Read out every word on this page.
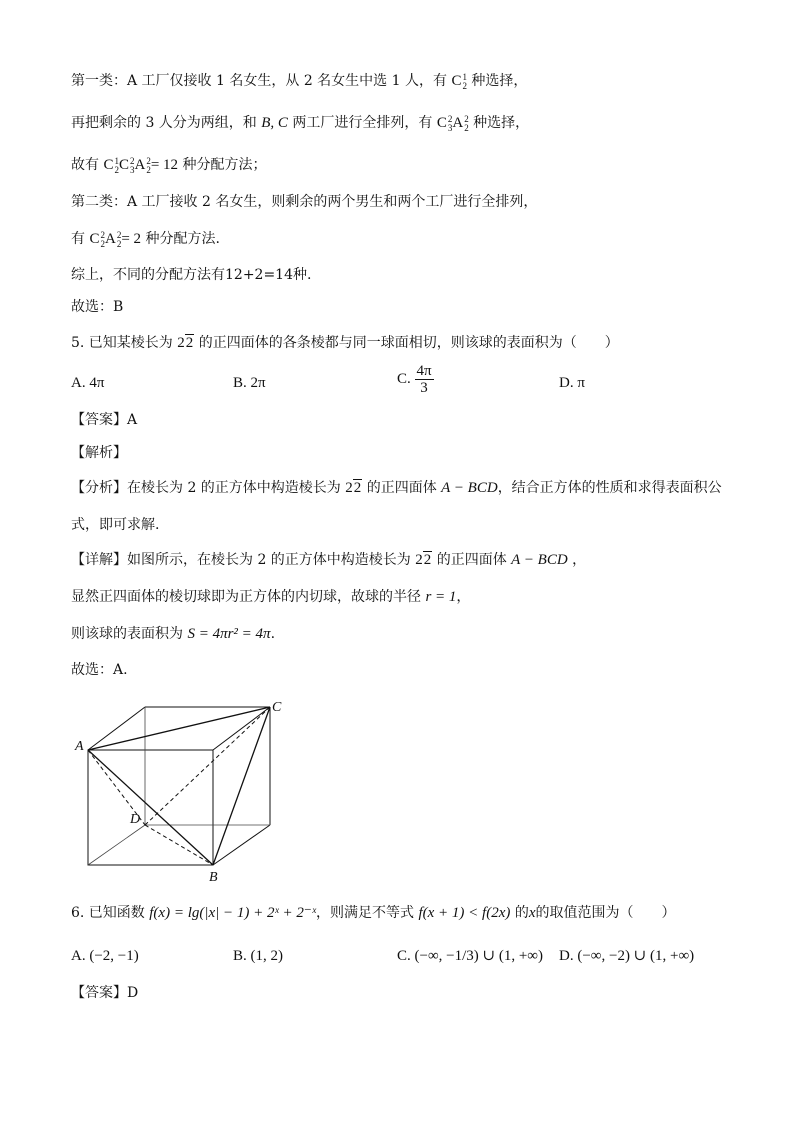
第一类：A 工厂仅接收 1 名女生，从 2 名女生中选 1 人，有 C 1
2 种选择，
再把剩余的 3 人分为两组，和 B, C 两工厂进行全排列，有 C 2
3 A 2
2 种选择，
故有 C 1
2 C 2
3 A 2
2 = 12 种分配方法；
第二类：A 工厂接收 2 名女生，则剩余的两个男生和两个工厂进行全排列，
有 C 2
2 A 2
2 = 2 种分配方法.
综上，不同的分配方法有12+2=14种.
故选：B
5. 已知某棱长为 22 的正四面体的各条棱都与同一球面相切，则该球的表面积为（　　）
A. 4π	B. 2π	C. $\frac{4\pi}{3}$	D. π
【答案】A
【解析】
【分析】在棱长为 2 的正方体中构造棱长为 22 的正四面体 A − BCD，结合正方体的性质和求得表面积公
式，即可求解.
【详解】如图所示，在棱长为 2 的正方体中构造棱长为 22 的正四面体 A − BCD ，
显然正四面体的棱切球即为正方体的内切球，故球的半径 r = 1，
则该球的表面积为 S = 4πr² = 4π.
故选：A.
A
C
D
B
6. 已知函数 f(x) = lg(|x| − 1) + 2ˣ + 2⁻ˣ，则满足不等式 f(x + 1) < f(2x) 的x的取值范围为（　　）
A. (−2, −1)	B. (1, 2)	C. (−∞, −1/3) ∪ (1, +∞) D. (−∞, −2) ∪ (1, +∞)
【答案】D
